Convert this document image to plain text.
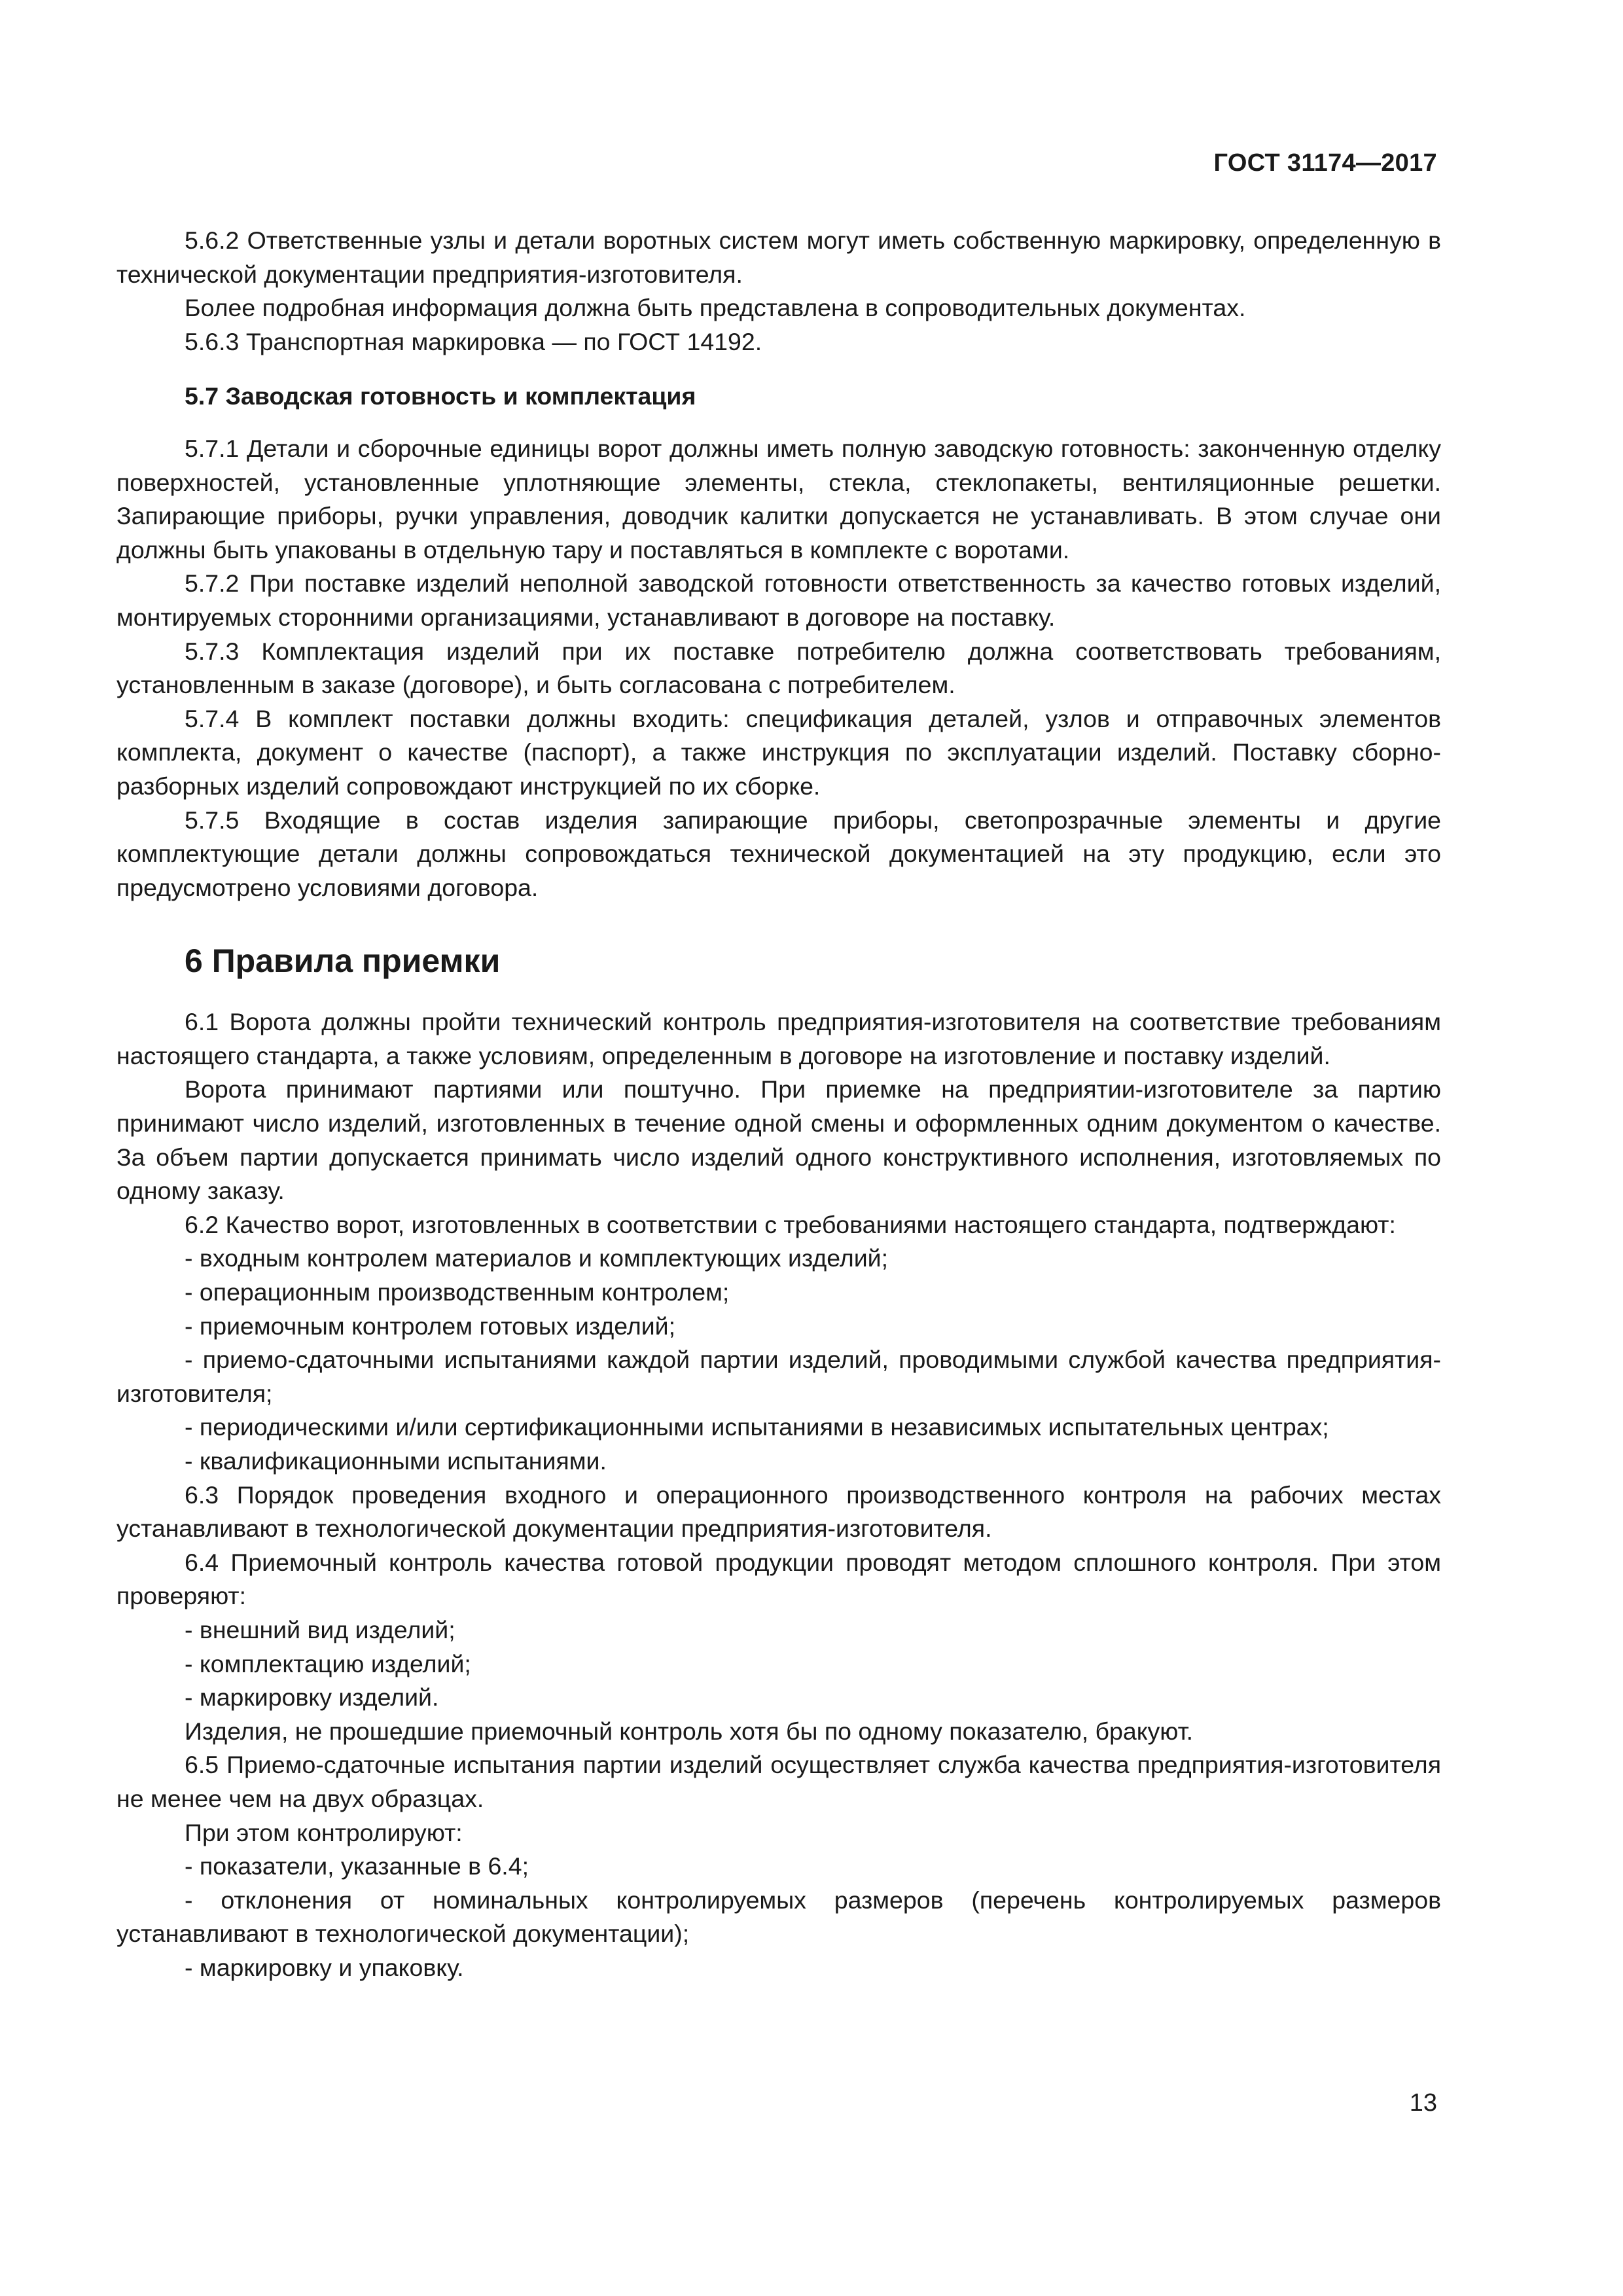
ГОСТ 31174—2017

5.6.2 Ответственные узлы и детали воротных систем могут иметь собственную маркировку, определенную в технической документации предприятия-изготовителя.

Более подробная информация должна быть представлена в сопроводительных документах.

5.6.3 Транспортная маркировка — по ГОСТ 14192.

5.7 Заводская готовность и комплектация

5.7.1 Детали и сборочные единицы ворот должны иметь полную заводскую готовность: законченную отделку поверхностей, установленные уплотняющие элементы, стекла, стеклопакеты, вентиляционные решетки. Запирающие приборы, ручки управления, доводчик калитки допускается не устанавливать. В этом случае они должны быть упакованы в отдельную тару и поставляться в комплекте с воротами.

5.7.2 При поставке изделий неполной заводской готовности ответственность за качество готовых изделий, монтируемых сторонними организациями, устанавливают в договоре на поставку.

5.7.3 Комплектация изделий при их поставке потребителю должна соответствовать требованиям, установленным в заказе (договоре), и быть согласована с потребителем.

5.7.4 В комплект поставки должны входить: спецификация деталей, узлов и отправочных элементов комплекта, документ о качестве (паспорт), а также инструкция по эксплуатации изделий. Поставку сборно-разборных изделий сопровождают инструкцией по их сборке.

5.7.5 Входящие в состав изделия запирающие приборы, светопрозрачные элементы и другие комплектующие детали должны сопровождаться технической документацией на эту продукцию, если это предусмотрено условиями договора.

6 Правила приемки

6.1 Ворота должны пройти технический контроль предприятия-изготовителя на соответствие требованиям настоящего стандарта, а также условиям, определенным в договоре на изготовление и поставку изделий.

Ворота принимают партиями или поштучно. При приемке на предприятии-изготовителе за партию принимают число изделий, изготовленных в течение одной смены и оформленных одним документом о качестве. За объем партии допускается принимать число изделий одного конструктивного исполнения, изготовляемых по одному заказу.

6.2 Качество ворот, изготовленных в соответствии с требованиями настоящего стандарта, подтверждают:

- входным контролем материалов и комплектующих изделий;

- операционным производственным контролем;

- приемочным контролем готовых изделий;

- приемо-сдаточными испытаниями каждой партии изделий, проводимыми службой качества предприятия-изготовителя;

- периодическими и/или сертификационными испытаниями в независимых испытательных центрах;

- квалификационными испытаниями.

6.3 Порядок проведения входного и операционного производственного контроля на рабочих местах устанавливают в технологической документации предприятия-изготовителя.

6.4 Приемочный контроль качества готовой продукции проводят методом сплошного контроля. При этом проверяют:

- внешний вид изделий;

- комплектацию изделий;

- маркировку изделий.

Изделия, не прошедшие приемочный контроль хотя бы по одному показателю, бракуют.

6.5 Приемо-сдаточные испытания партии изделий осуществляет служба качества предприятия-изготовителя не менее чем на двух образцах.

При этом контролируют:

- показатели, указанные в 6.4;

- отклонения от номинальных контролируемых размеров (перечень контролируемых размеров устанавливают в технологической документации);

- маркировку и упаковку.

13
